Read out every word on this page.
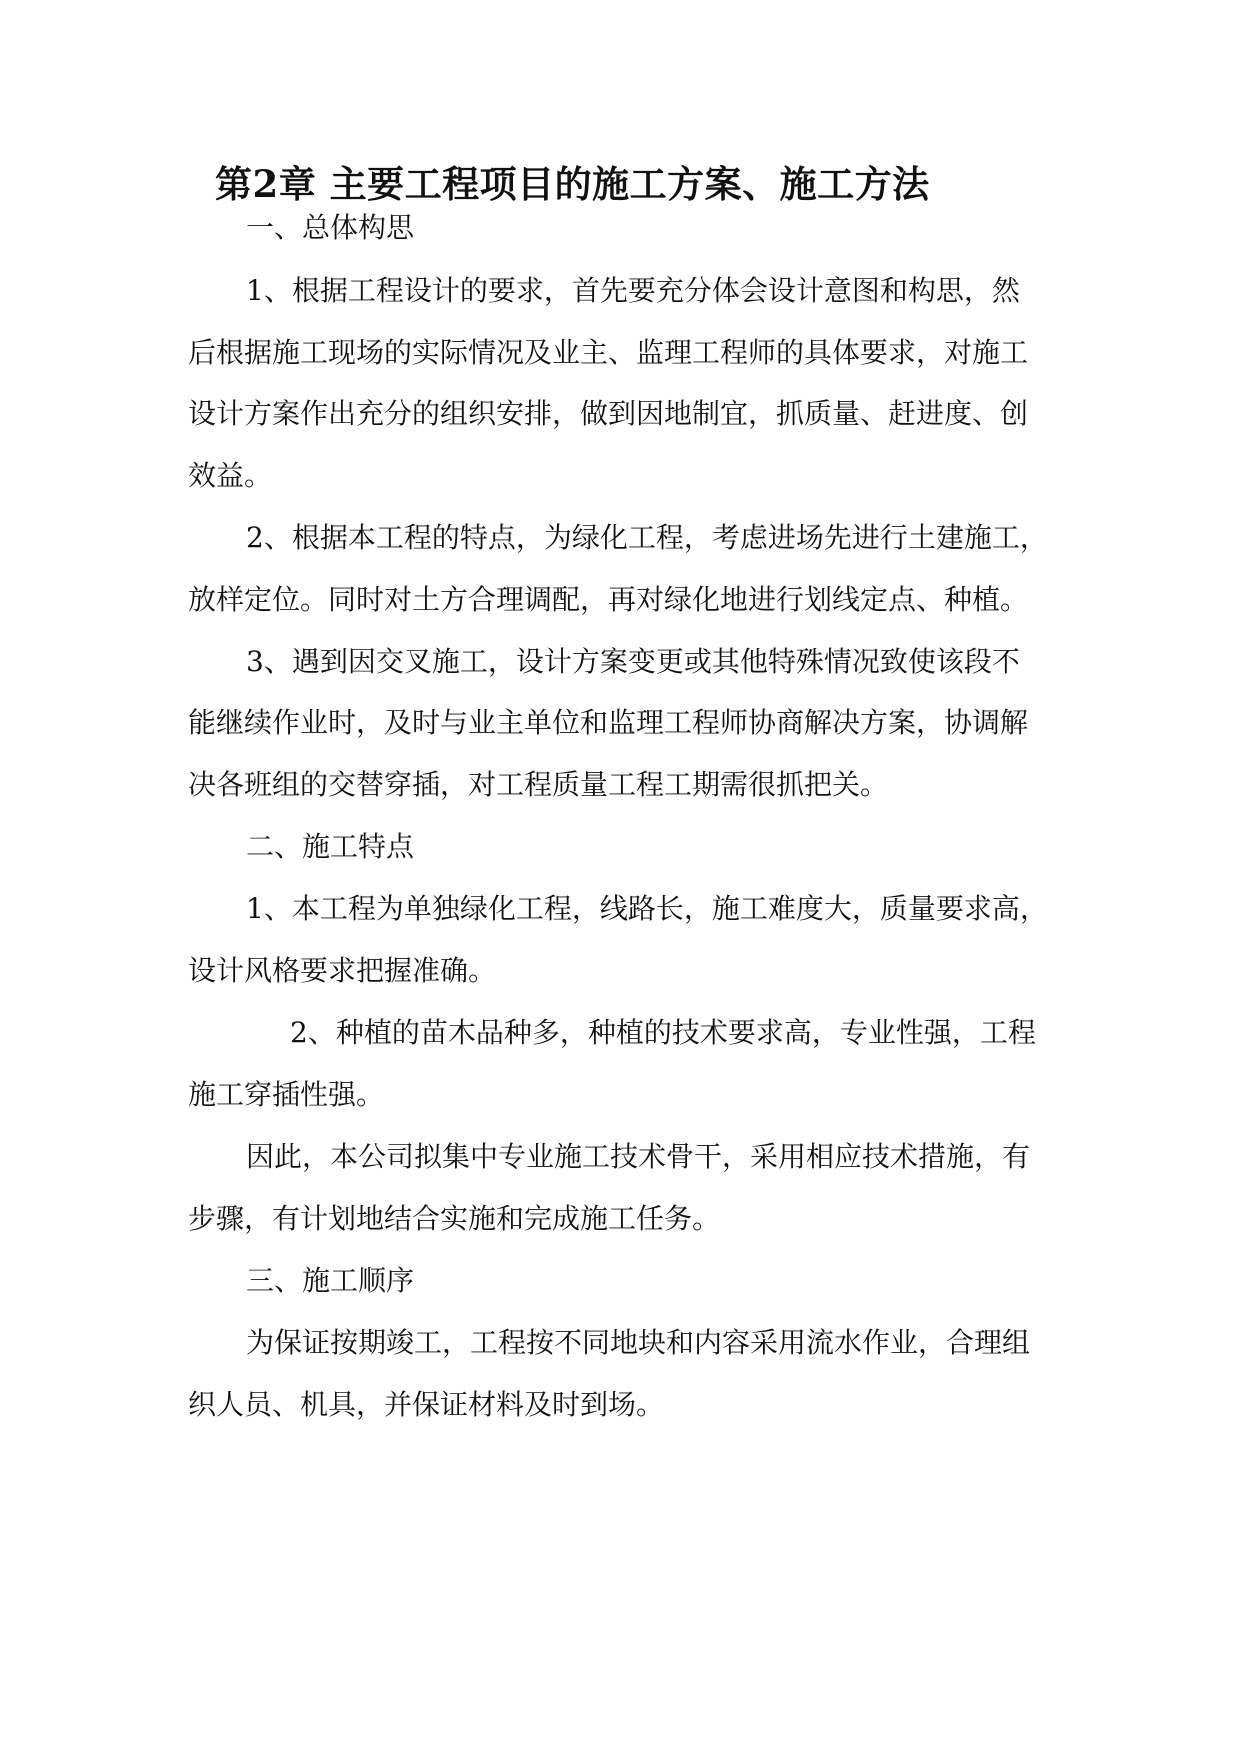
第2章 主要工程项目的施工方案、施工方法
一、总体构思
1、根据工程设计的要求，首先要充分体会设计意图和构思，然
后根据施工现场的实际情况及业主、监理工程师的具体要求，对施工
设计方案作出充分的组织安排，做到因地制宜，抓质量、赶进度、创
效益。
2、根据本工程的特点，为绿化工程，考虑进场先进行土建施工，
放样定位。同时对土方合理调配，再对绿化地进行划线定点、种植。
3、遇到因交叉施工，设计方案变更或其他特殊情况致使该段不
能继续作业时，及时与业主单位和监理工程师协商解决方案，协调解
决各班组的交替穿插，对工程质量工程工期需很抓把关。
二、施工特点
1、本工程为单独绿化工程，线路长，施工难度大，质量要求高，
设计风格要求把握准确。
2、种植的苗木品种多，种植的技术要求高，专业性强，工程
施工穿插性强。
因此，本公司拟集中专业施工技术骨干，采用相应技术措施，有
步骤，有计划地结合实施和完成施工任务。
三、施工顺序
为保证按期竣工，工程按不同地块和内容采用流水作业，合理组
织人员、机具，并保证材料及时到场。
